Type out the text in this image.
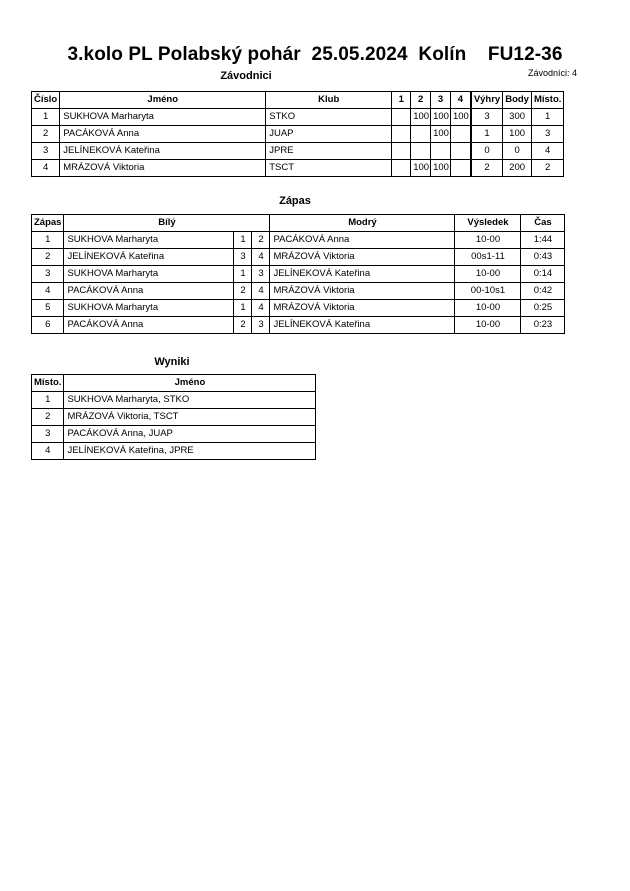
3.kolo PL Polabský pohár  25.05.2024  Kolín    FU12-36
Závodníci: 4
Závodnici
Číslo	Jméno	Klub	1	2	3	4	Výhry	Body	Místo.
1	SUKHOVA Marharyta	STKO		100	100	100	3	300	1
2	PACÁKOVÁ Anna	JUAP			100		1	100	3
3	JELÍNEKOVÁ Kateřina	JPRE					0	0	4
4	MRÁZOVÁ Viktoria	TSCT		100	100		2	200	2
Zápas
Zápas	Bílý			Modrý	Výsledek	Čas
1	SUKHOVA Marharyta	1	2	PACÁKOVÁ Anna	10-00	1:44
2	JELÍNEKOVÁ Kateřina	3	4	MRÁZOVÁ Viktoria	00s1-11	0:43
3	SUKHOVA Marharyta	1	3	JELÍNEKOVÁ Kateřina	10-00	0:14
4	PACÁKOVÁ Anna	2	4	MRÁZOVÁ Viktoria	00-10s1	0:42
5	SUKHOVA Marharyta	1	4	MRÁZOVÁ Viktoria	10-00	0:25
6	PACÁKOVÁ Anna	2	3	JELÍNEKOVÁ Kateřina	10-00	0:23
Wyniki
Místo.	Jméno
1	SUKHOVA Marharyta, STKO
2	MRÁZOVÁ Viktoria, TSCT
3	PACÁKOVÁ Anna, JUAP
4	JELÍNEKOVÁ Kateřina, JPRE
